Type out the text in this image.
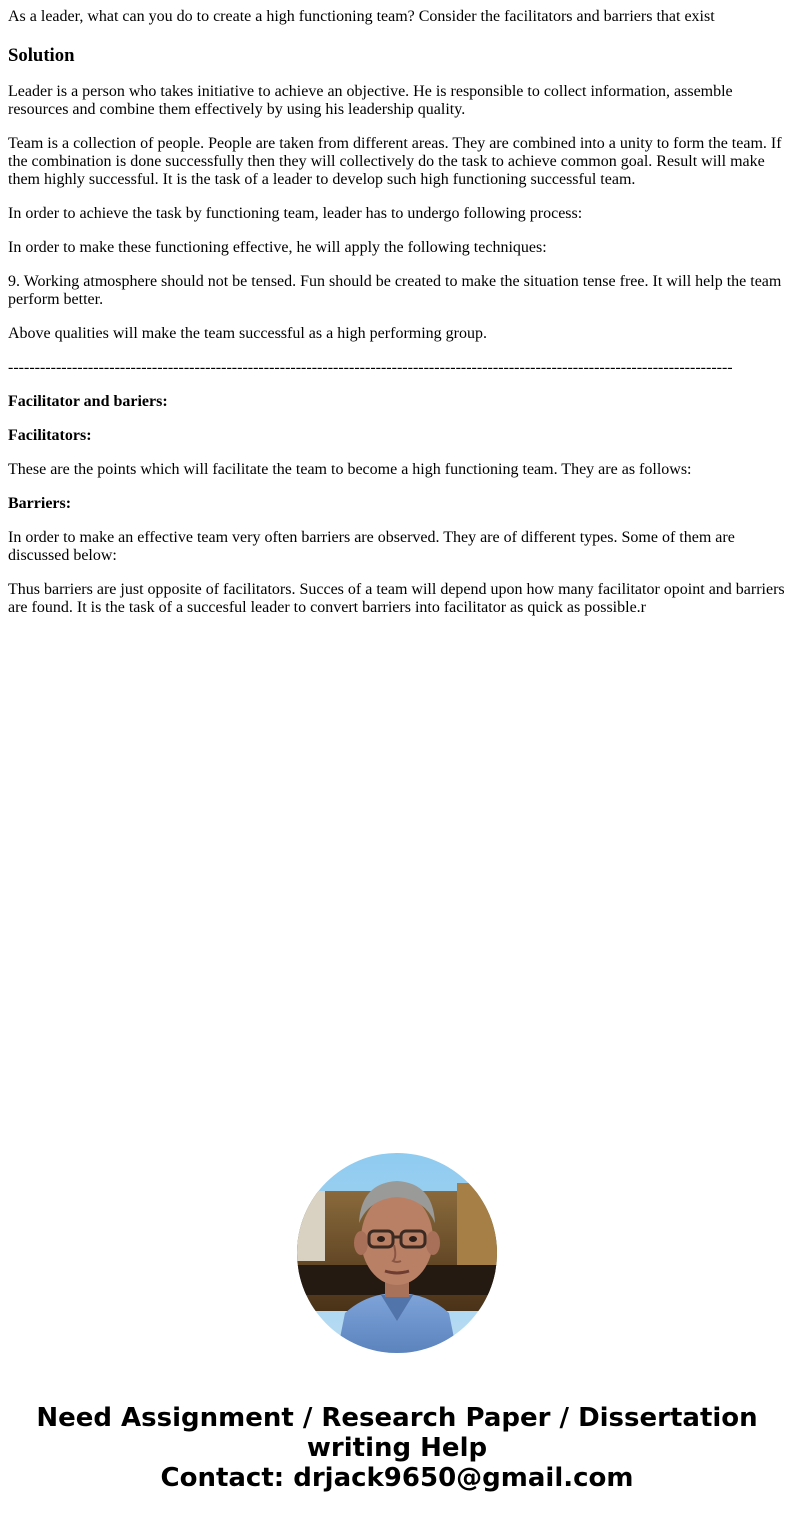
As a leader, what can you do to create a high functioning team? Consider the facilitators and barriers that exist

Solution

Leader is a person who takes initiative to achieve an objective. He is responsible to collect information, assemble resources and combine them effectively by using his leadership quality.

Team is a collection of people. People are taken from different areas. They are combined into a unity to form the team. If the combination is done successfully then they will collectively do the task to achieve common goal. Result will make them highly successful. It is the task of a leader to develop such high functioning successful team.

In order to achieve the task by functioning team, leader has to undergo following process:

In order to make these functioning effective, he will apply the following techniques:

9. Working atmosphere should not be tensed. Fun should be created to make the situation tense free. It will help the team perform better.

Above qualities will make the team successful as a high performing group.

----------------------------------------------------------------------------------------------------------------------------------------

Facilitator and bariers:

Facilitators:

These are the points which will facilitate the team to become a high functioning team. They are as follows:

Barriers:

In order to make an effective team very often barriers are observed. They are of different types. Some of them are discussed below:

Thus barriers are just opposite of facilitators. Succes of a team will depend upon how many facilitator opoint and barriers are found. It is the task of a succesful leader to convert barriers into facilitator as quick as possible.r

Need Assignment / Research Paper / Dissertation
writing Help
Contact: drjack9650@gmail.com
